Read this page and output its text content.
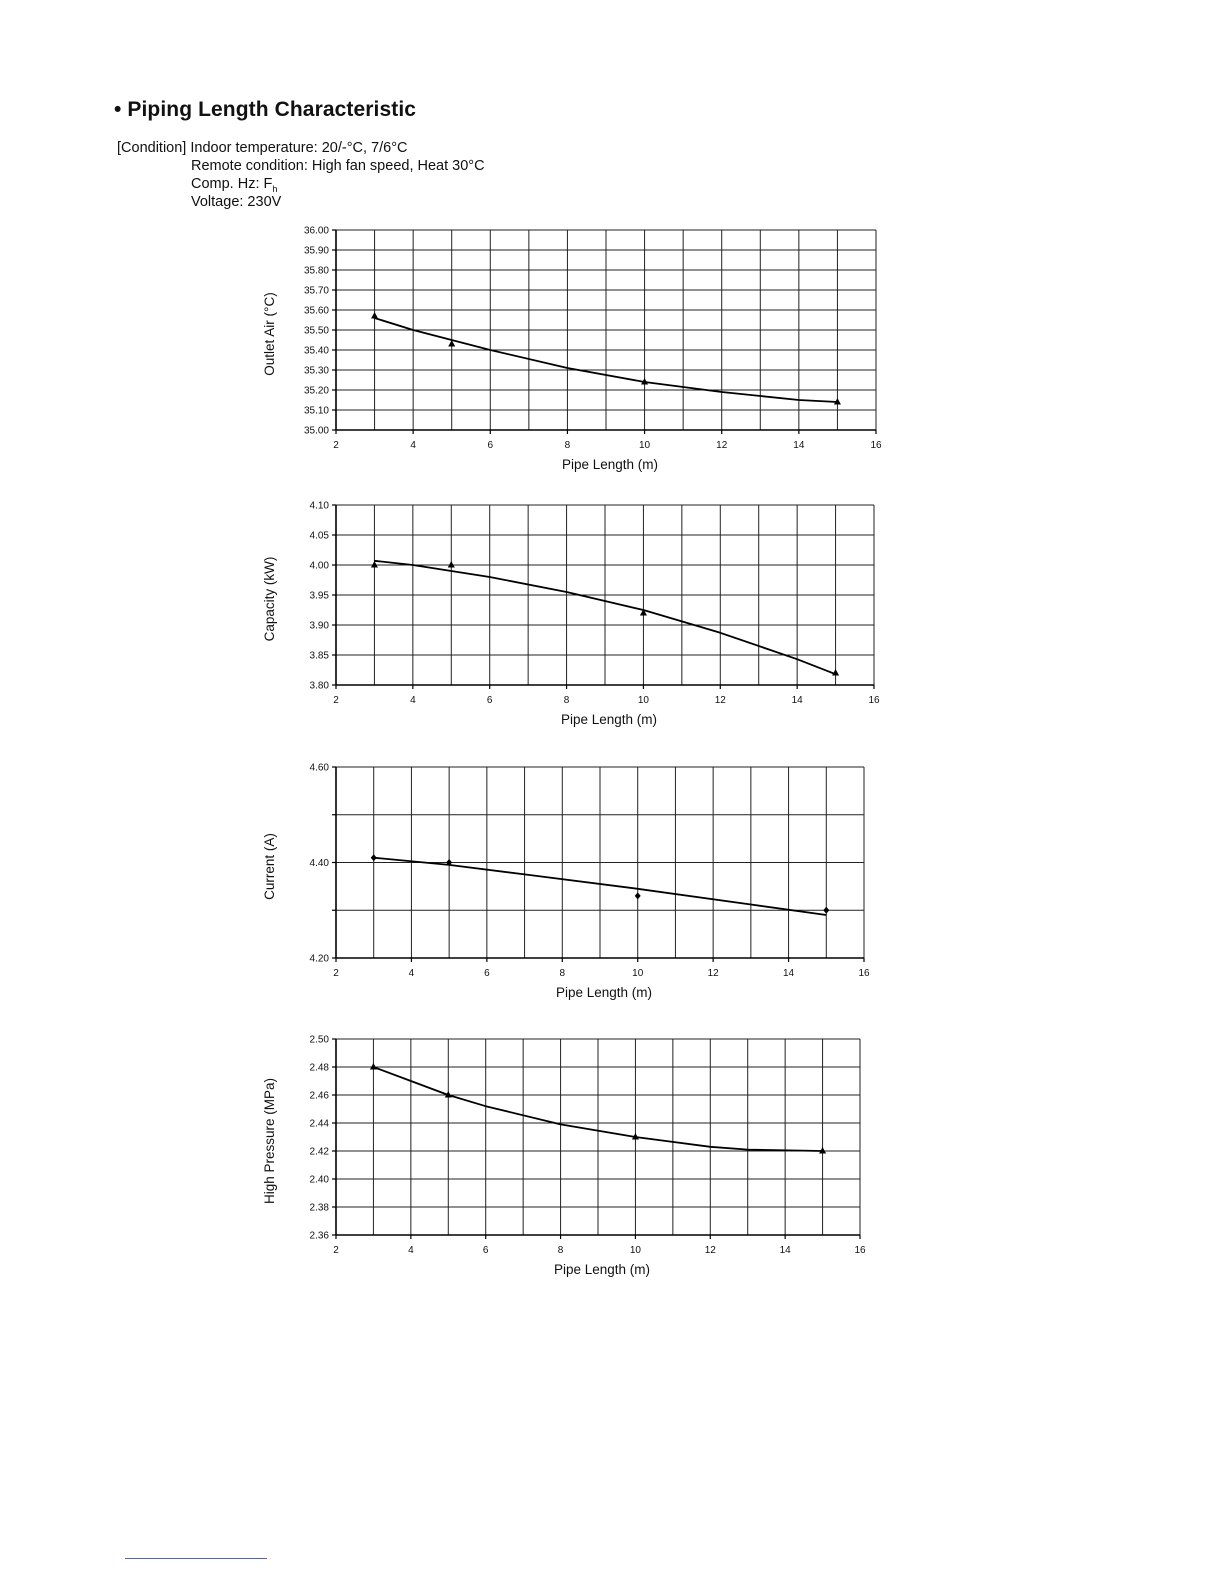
• Piping Length Characteristic
[Condition] Indoor temperature: 20/-°C, 7/6°C
Remote condition: High fan speed, Heat 30°C
Comp. Hz: $F_h$
Voltage: 230V
35.00
35.10
35.20
35.30
35.40
35.50
35.60
35.70
35.80
35.90
36.00
2	4	6	8	10	12	14	16
Pipe Length (m)
Outlet Air (°C)
3.80
3.85
3.90
3.95
4.00
4.05
4.10
2	4	6	8	10	12	14	16
Pipe Length (m)
Capacity (kW)
4.20
4.40
4.60
2	4	6	8	10	12	14	16
Pipe Length (m)
Current (A)
2.36
2.38
2.40
2.42
2.44
2.46
2.48
2.50
2	4	6	8	10	12	14	16
Pipe Length (m)
High Pressure (MPa)
